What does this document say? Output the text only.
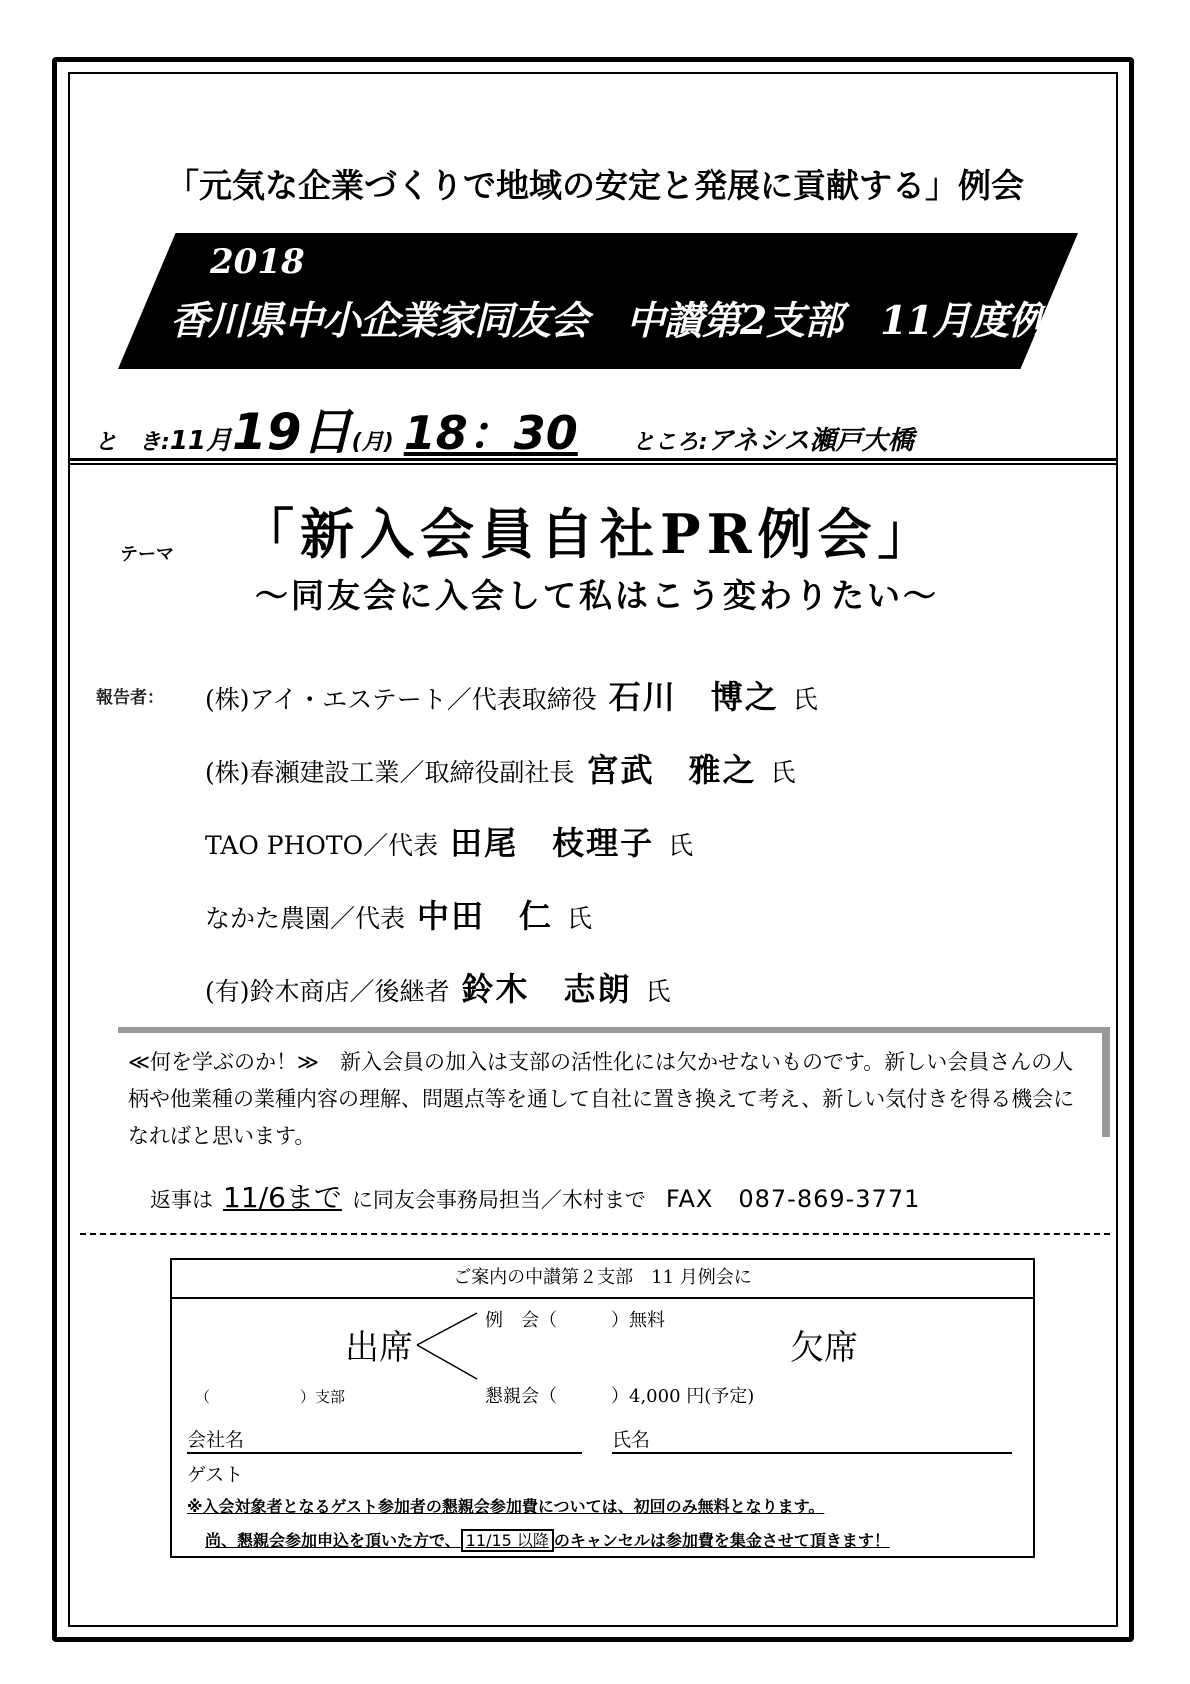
「元気な企業づくりで地域の安定と発展に貢献する」例会
2018
香川県中小企業家同友会　中讃第2支部　11月度例会
と　き:11月19日(月) 18：30	ところ:アネシス瀬戸大橋
テーマ 「新入会員自社PR例会」
～同友会に入会して私はこう変わりたい～
報告者： (株)アイ・エステート／代表取締役 石川　博之 氏
(株)春瀬建設工業／取締役副社長 宮武　雅之 氏
TAO PHOTO／代表 田尾　枝理子 氏
なかた農園／代表 中田　仁 氏
(有)鈴木商店／後継者 鈴木　志朗 氏
≪何を学ぶのか！≫　新入会員の加入は支部の活性化には欠かせないものです。新しい会員さんの人柄や他業種の業種内容の理解、問題点等を通して自社に置き換えて考え、新しい気付きを得る機会になればと思います。
返事は 11/6まで に同友会事務局担当／木村まで FAX　087-869-3771
ご案内の中讃第２支部　11 月例会に
出席
例　会（　　　）無料
懇親会（　　　）4,000 円(予定)
欠席
（　　　　　　）支部
会社名	氏名
ゲスト
※入会対象者となるゲスト参加者の懇親会参加費については、初回のみ無料となります。
尚、懇親会参加申込を頂いた方で、 11/15 以降 のキャンセルは参加費を集金させて頂きます！
